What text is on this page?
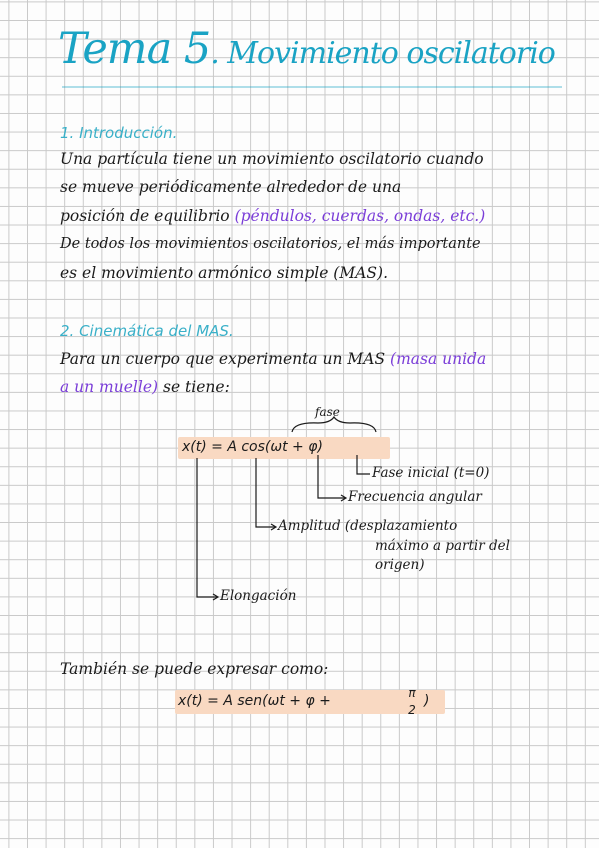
Tema 5. Movimiento oscilatorio
1. Introducción.
Una partícula tiene un movimiento oscilatorio cuando
se mueve periódicamente alrededor de una
posición de equilibrio (péndulos, cuerdas, ondas, etc.)
De todos los movimientos oscilatorios, el más importante
es el movimiento armónico simple (MAS).
2. Cinemática del MAS.
Para un cuerpo que experimenta un MAS (masa unida
a un muelle) se tiene:
fase
x(t) = A cos(ωt + φ)
Fase inicial (t=0)
Frecuencia angular
Amplitud (desplazamiento
máximo a partir del
origen)
Elongación
También se puede expresar como:
x(t) = A sen(ωt + φ +	π
2
)
